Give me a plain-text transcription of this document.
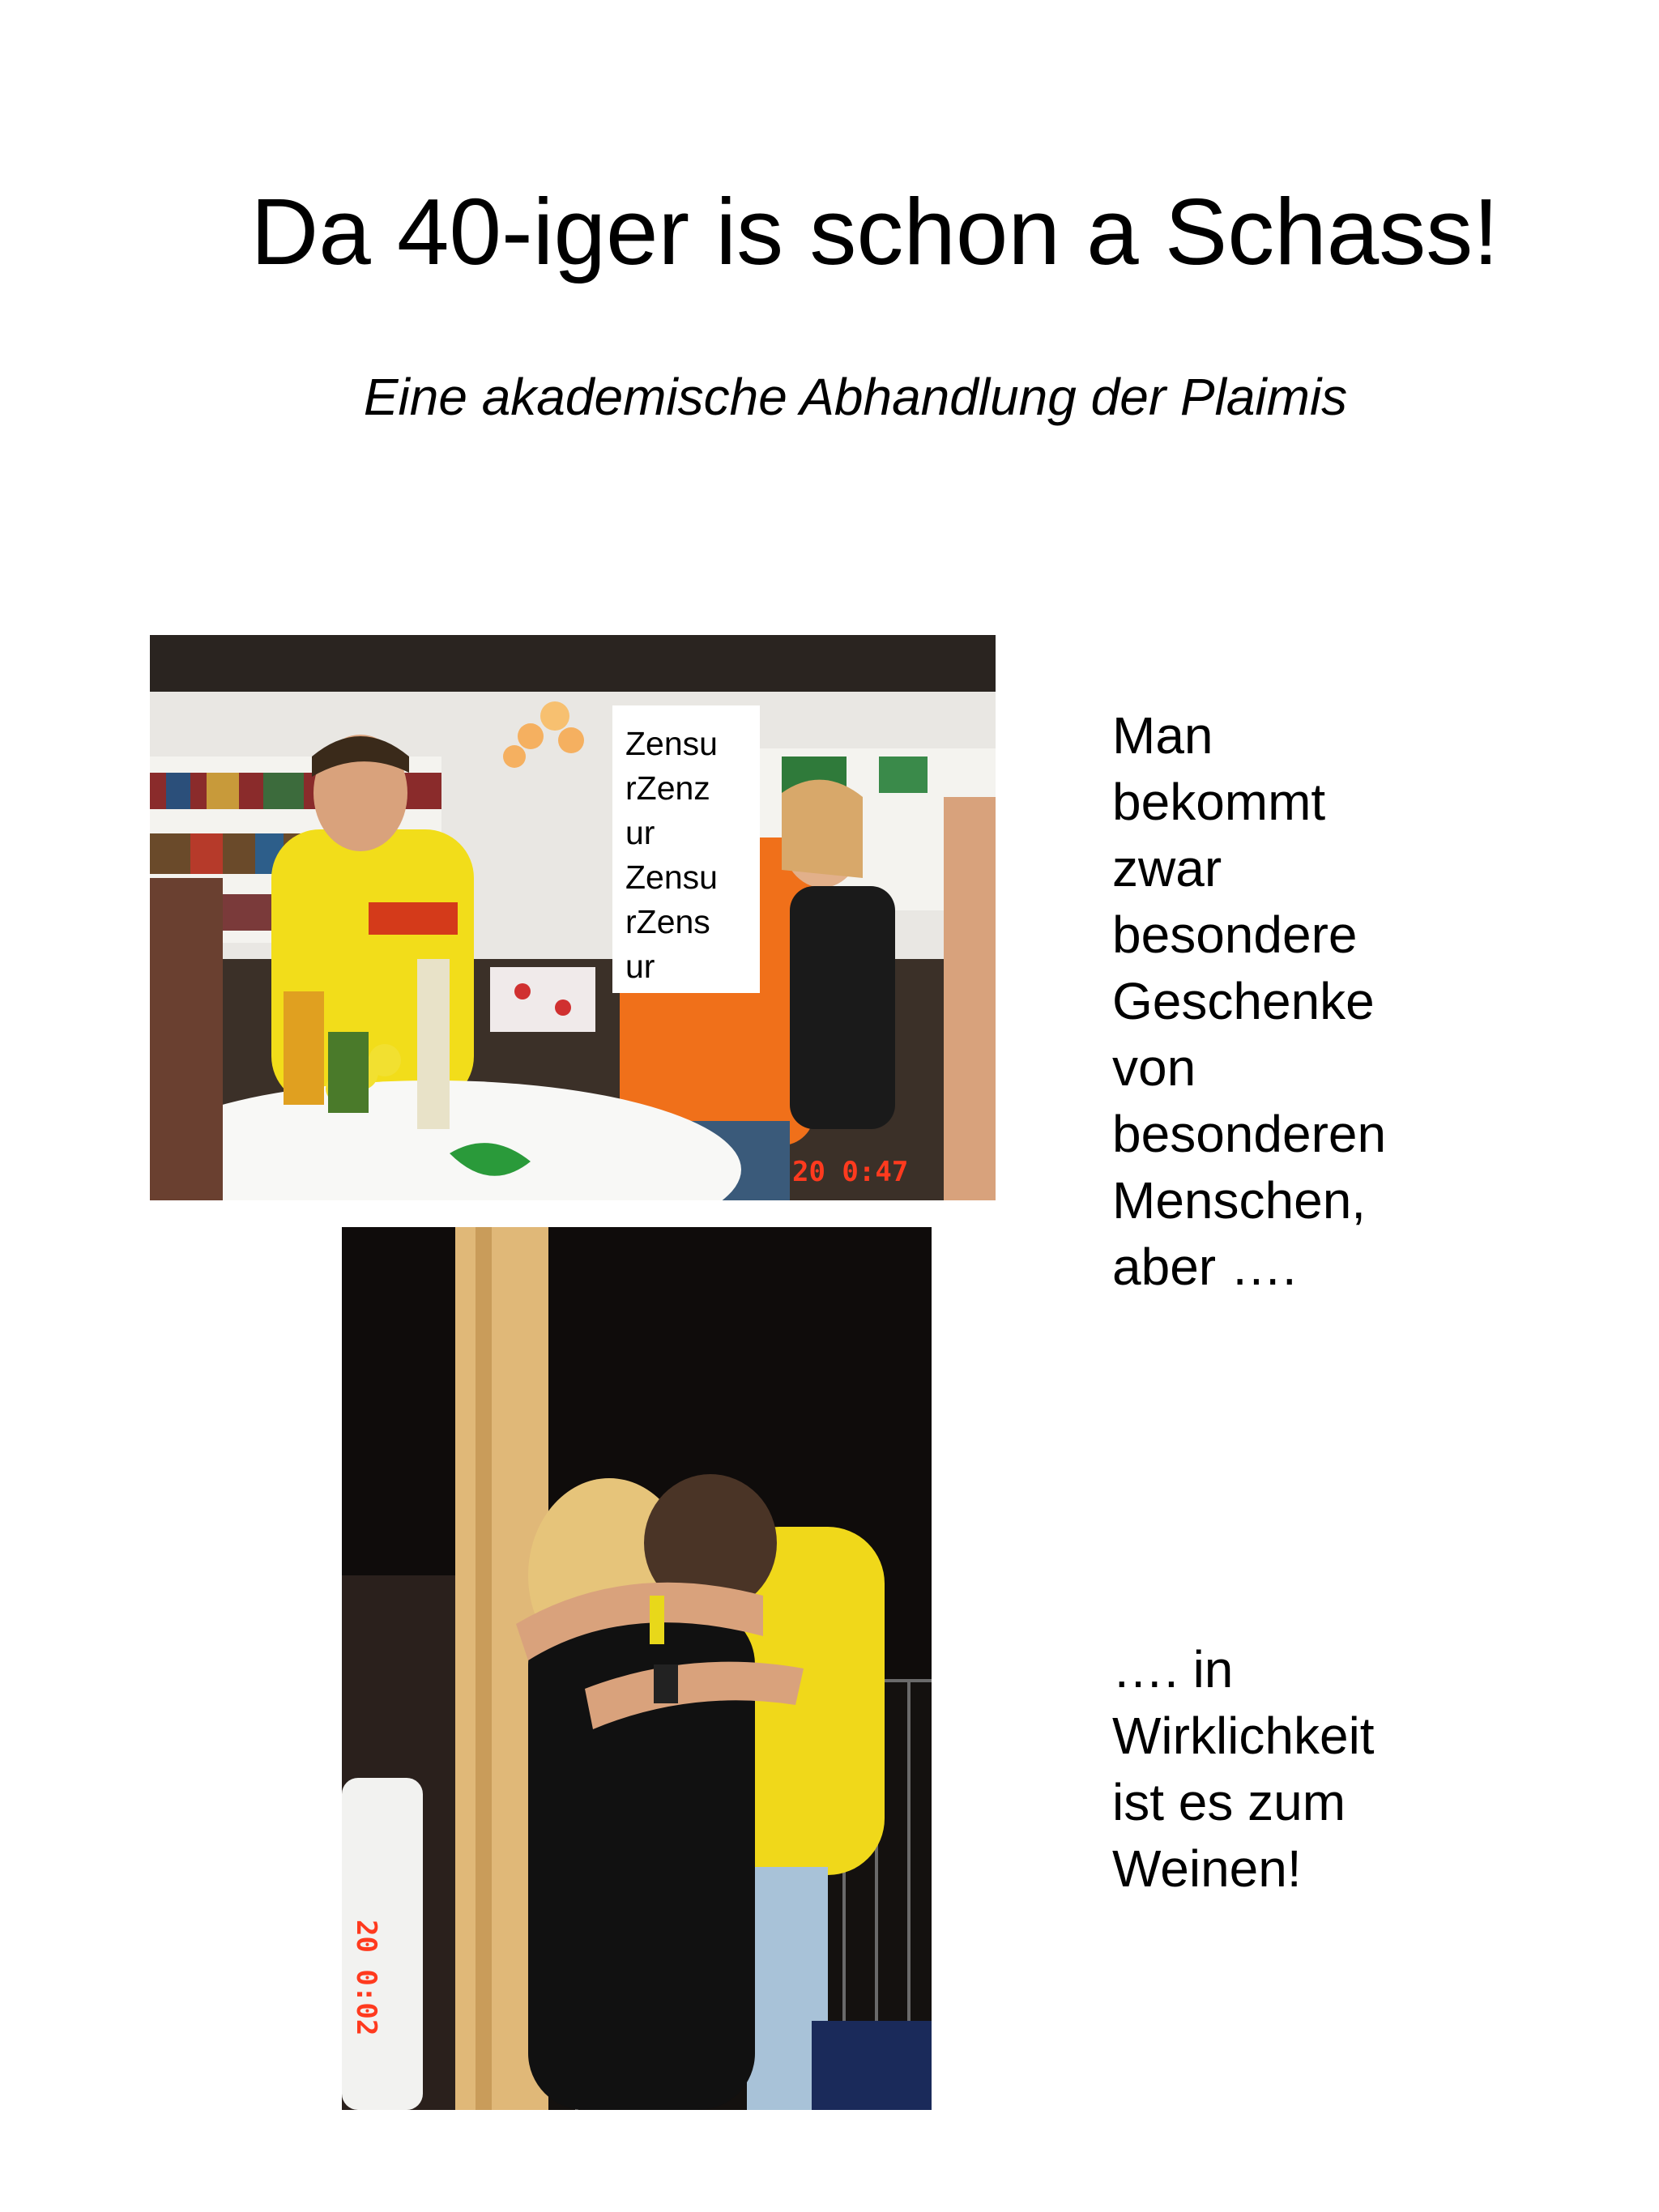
Da 40-iger is schon a Schass!
Eine akademische Abhandlung der Plaimis
Zensu
rZenz
ur
Zensu
rZens
ur
20 0:47
20 0:02
Man
bekommt
zwar
besondere
Geschenke
von
besonderen
Menschen,
aber ….
…. in
Wirklichkeit
ist es zum
Weinen!
